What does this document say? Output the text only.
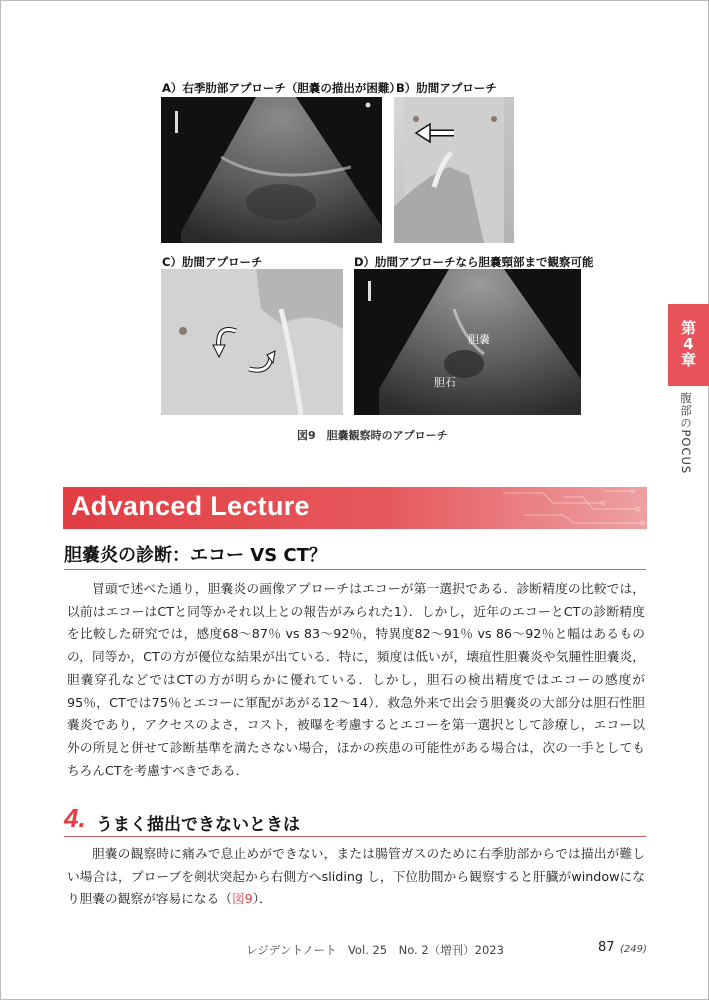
A）右季肋部アプローチ（胆嚢の描出が困難）
B）肋間アプローチ
C）肋間アプローチ	D）肋間アプローチなら胆嚢頸部まで観察可能
胆嚢
胆石
図9　胆嚢観察時のアプローチ
第
4
章
腹部のPOCUS
Advanced Lecture
胆嚢炎の診断：エコー VS CT？
冒頭で述べた通り，胆嚢炎の画像アプローチはエコーが第一選択である．診断精度の比較では，以前はエコーはCTと同等かそれ以上との報告がみられた1）．しかし，近年のエコーとCTの診断精度を比較した研究では，感度68～87％ vs 83～92％，特異度82～91％ vs 86～92％と幅はあるものの，同等か，CTの方が優位な結果が出ている．特に，頻度は低いが，壊疽性胆嚢炎や気腫性胆嚢炎，胆嚢穿孔などではCTの方が明らかに優れている．しかし，胆石の検出精度ではエコーの感度が95％，CTでは75％とエコーに軍配があがる12～14）．救急外来で出会う胆嚢炎の大部分は胆石性胆嚢炎であり，アクセスのよさ，コスト，被曝を考慮するとエコーを第一選択として診療し，エコー以外の所見と併せて診断基準を満たさない場合，ほかの疾患の可能性がある場合は，次の一手としてもちろんCTを考慮すべきである．
4. うまく描出できないときは
胆嚢の観察時に痛みで息止めができない，または腸管ガスのために右季肋部からでは描出が難しい場合は，プローブを剣状突起から右側方へsliding し，下位肋間から観察すると肝臓がwindowになり胆嚢の観察が容易になる（図9）．
レジデントノート　Vol. 25　No. 2（増刊）2023	87 (249)
